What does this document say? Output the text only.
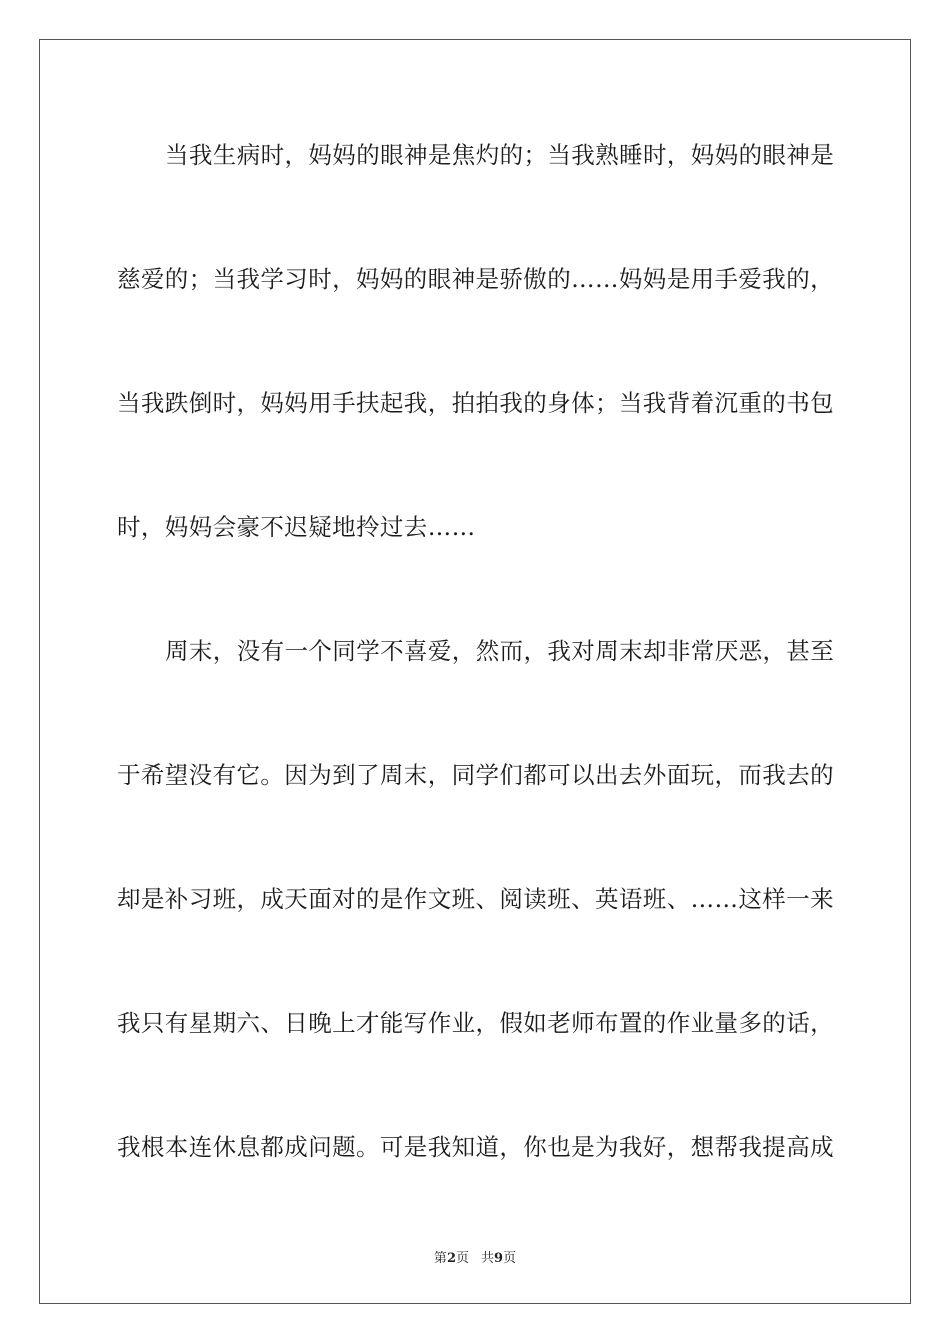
当我生病时，妈妈的眼神是焦灼的；当我熟睡时，妈妈的眼神是
慈爱的；当我学习时，妈妈的眼神是骄傲的……妈妈是用手爱我的，
当我跌倒时，妈妈用手扶起我，拍拍我的身体；当我背着沉重的书包
时，妈妈会豪不迟疑地拎过去……
周末，没有一个同学不喜爱，然而，我对周末却非常厌恶，甚至
于希望没有它。因为到了周末，同学们都可以出去外面玩，而我去的
却是补习班，成天面对的是作文班、阅读班、英语班、……这样一来
我只有星期六、日晚上才能写作业，假如老师布置的作业量多的话，
我根本连休息都成问题。可是我知道，你也是为我好，想帮我提高成
第2页 共9页
